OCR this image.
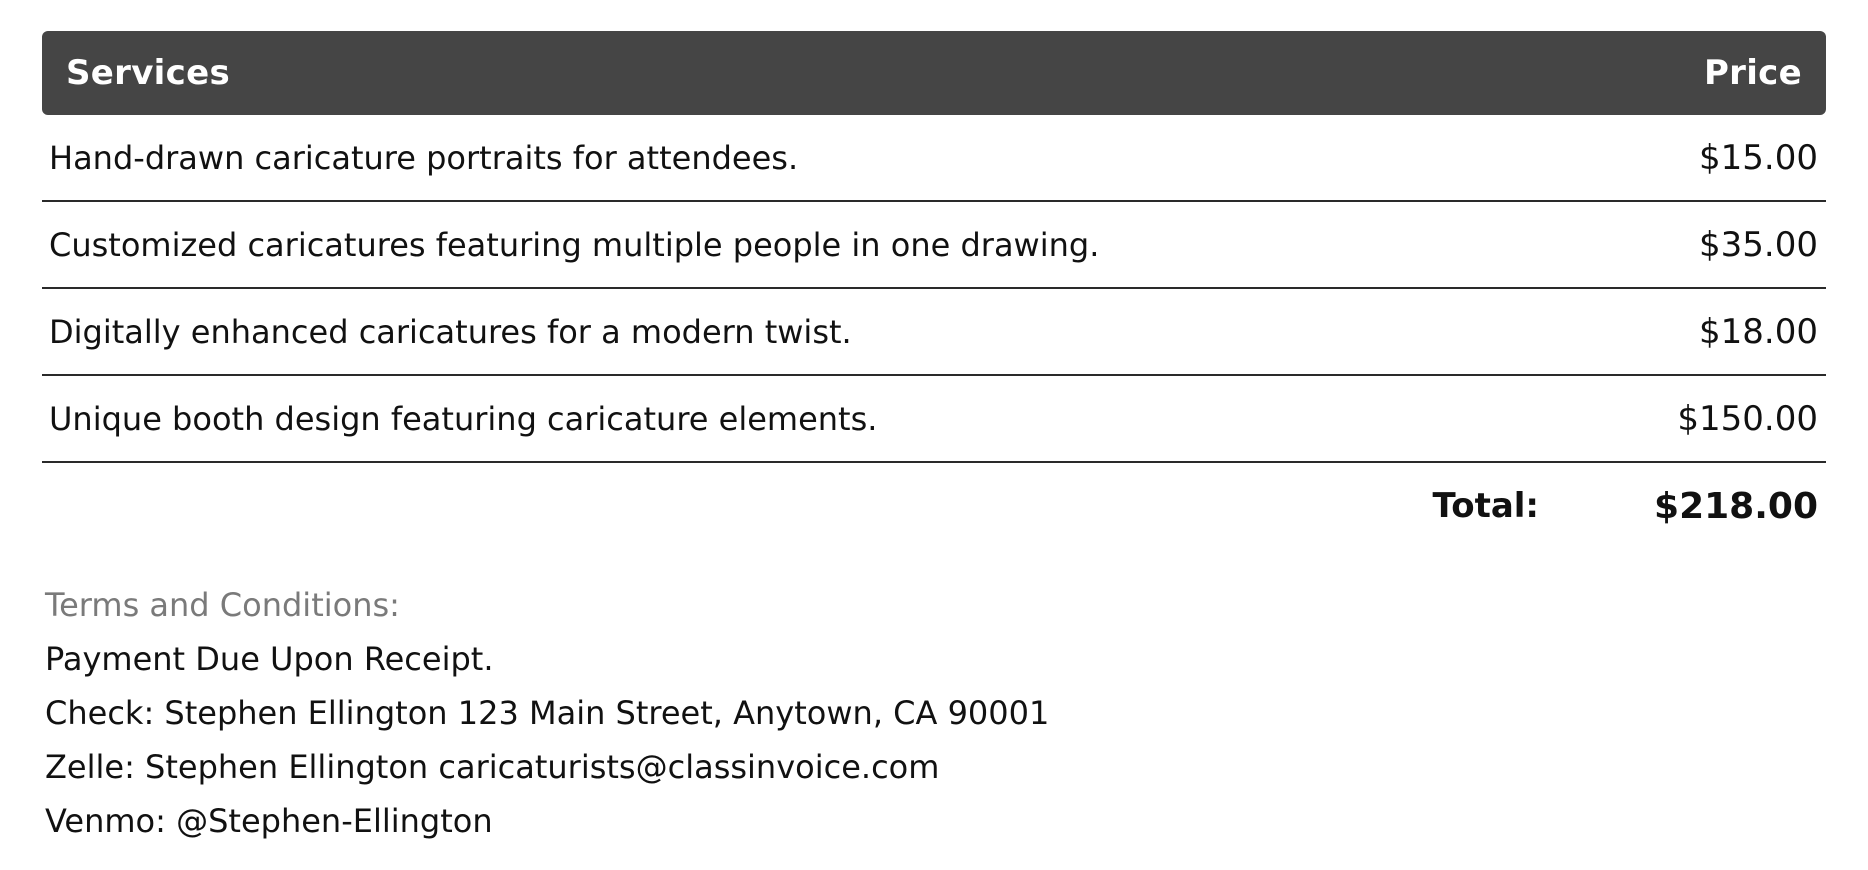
Services	Price
Hand-drawn caricature portraits for attendees.	$15.00
Customized caricatures featuring multiple people in one drawing.	$35.00
Digitally enhanced caricatures for a modern twist.	$18.00
Unique booth design featuring caricature elements.	$150.00
Total:	$218.00
Terms and Conditions:
Payment Due Upon Receipt.
Check: Stephen Ellington 123 Main Street, Anytown, CA 90001
Zelle: Stephen Ellington caricaturists@classinvoice.com
Venmo: @Stephen-Ellington
